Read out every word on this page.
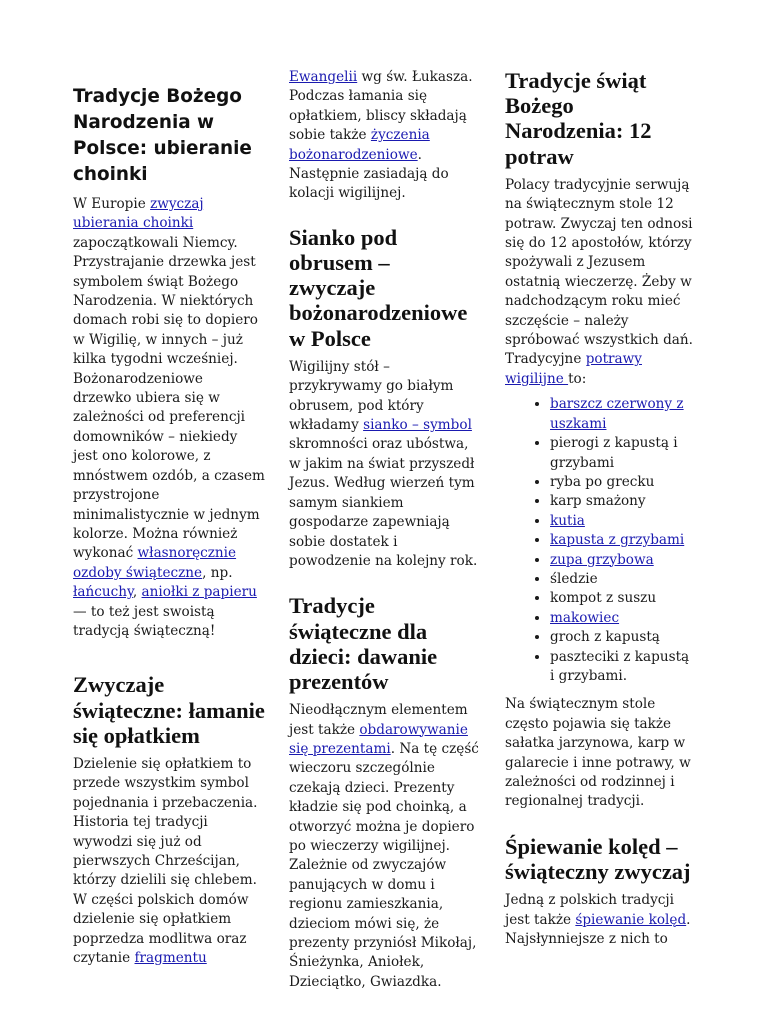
Tradycje Bożego Narodzenia w Polsce: ubieranie choinki

W Europie zwyczaj ubierania choinki zapoczątkowali Niemcy. Przystrajanie drzewka jest symbolem świąt Bożego Narodzenia. W niektórych domach robi się to dopiero w Wigilię, w innych – już kilka tygodni wcześniej. Bożonarodzeniowe drzewko ubiera się w zależności od preferencji domowników – niekiedy jest ono kolorowe, z mnóstwem ozdób, a czasem przystrojone minimalistycznie w jednym kolorze. Można również wykonać własnoręcznie ozdoby świąteczne, np. łańcuchy, aniołki z papieru — to też jest swoistą tradycją świąteczną!

Zwyczaje świąteczne: łamanie się opłatkiem

Dzielenie się opłatkiem to przede wszystkim symbol pojednania i przebaczenia. Historia tej tradycji wywodzi się już od pierwszych Chrześcijan, którzy dzielili się chlebem. W części polskich domów dzielenie się opłatkiem poprzedza modlitwa oraz czytanie fragmentu

Ewangelii wg św. Łukasza. Podczas łamania się opłatkiem, bliscy składają sobie także życzenia bożonarodzeniowe. Następnie zasiadają do kolacji wigilijnej.

Sianko pod obrusem – zwyczaje bożonarodzeniowe w Polsce

Wigilijny stół – przykrywamy go białym obrusem, pod który wkładamy sianko – symbol skromności oraz ubóstwa, w jakim na świat przyszedł Jezus. Według wierzeń tym samym siankiem gospodarze zapewniają sobie dostatek i powodzenie na kolejny rok.

Tradycje świąteczne dla dzieci: dawanie prezentów

Nieodłącznym elementem jest także obdarowywanie się prezentami. Na tę część wieczoru szczególnie czekają dzieci. Prezenty kładzie się pod choinką, a otworzyć można je dopiero po wieczerzy wigilijnej. Zależnie od zwyczajów panujących w domu i regionu zamieszkania, dzieciom mówi się, że prezenty przyniósł Mikołaj, Śnieżynka, Aniołek, Dzieciątko, Gwiazdka.

Tradycje świąt Bożego Narodzenia: 12 potraw

Polacy tradycyjnie serwują na świątecznym stole 12 potraw. Zwyczaj ten odnosi się do 12 apostołów, którzy spożywali z Jezusem ostatnią wieczerzę. Żeby w nadchodzącym roku mieć szczęście – należy spróbować wszystkich dań. Tradycyjne potrawy wigilijne to:

• barszcz czerwony z uszkami
• pierogi z kapustą i grzybami
• ryba po grecku
• karp smażony
• kutia
• kapusta z grzybami
• zupa grzybowa
• śledzie
• kompot z suszu
• makowiec
• groch z kapustą
• paszteciki z kapustą i grzybami.

Na świątecznym stole często pojawia się także sałatka jarzynowa, karp w galarecie i inne potrawy, w zależności od rodzinnej i regionalnej tradycji.

Śpiewanie kolęd – świąteczny zwyczaj

Jedną z polskich tradycji jest także śpiewanie kolęd. Najsłynniejsze z nich to
